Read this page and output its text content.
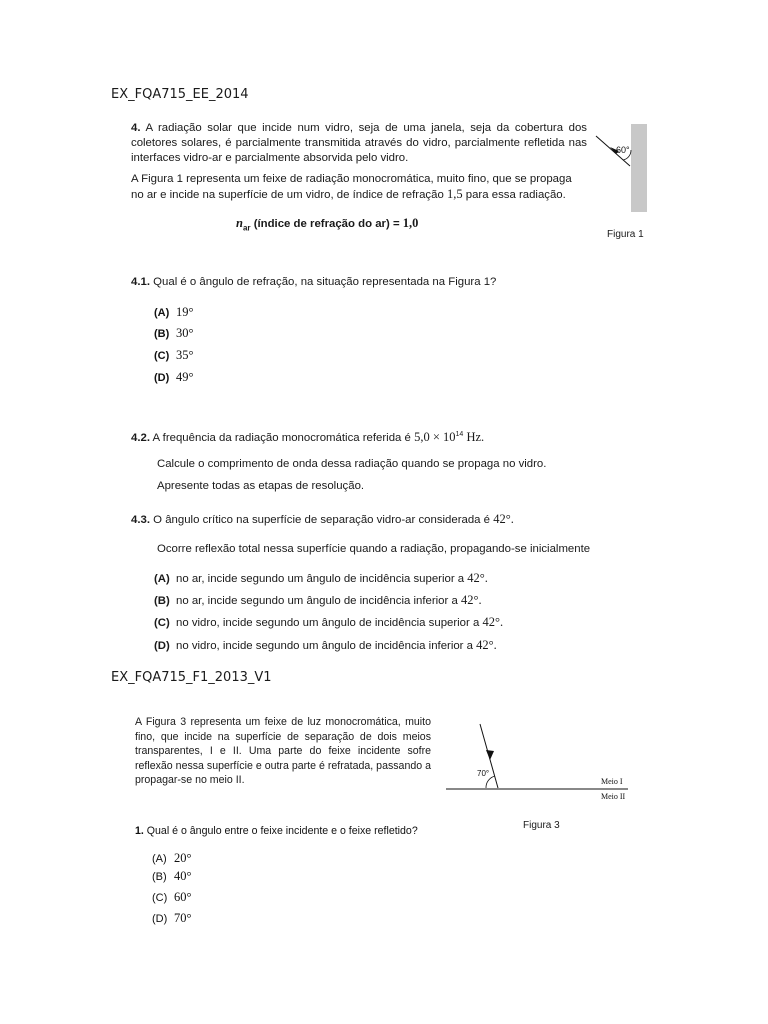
EX_FQA715_EE_2014
4. A radiação solar que incide num vidro, seja de uma janela, seja da cobertura dos coletores solares, é parcialmente transmitida através do vidro, parcialmente refletida nas interfaces vidro-ar e parcialmente absorvida pelo vidro.
A Figura 1 representa um feixe de radiação monocromática, muito fino, que se propaga
no ar e incide na superfície de um vidro, de índice de refração 1,5 para essa radiação.
$n_{ar}$ (índice de refração do ar) = 1,0
60°
Figura 1
4.1. Qual é o ângulo de refração, na situação representada na Figura 1?
(A) 19°
(B) 30°
(C) 35°
(D) 49°
4.2. A frequência da radiação monocromática referida é $5,0 \times 10^{14}$ Hz.
Calcule o comprimento de onda dessa radiação quando se propaga no vidro.
Apresente todas as etapas de resolução.
4.3. O ângulo crítico na superfície de separação vidro-ar considerada é 42°.
Ocorre reflexão total nessa superfície quando a radiação, propagando-se inicialmente
(A) no ar, incide segundo um ângulo de incidência superior a 42°.
(B) no ar, incide segundo um ângulo de incidência inferior a 42°.
(C) no vidro, incide segundo um ângulo de incidência superior a 42°.
(D) no vidro, incide segundo um ângulo de incidência inferior a 42°.
EX_FQA715_F1_2013_V1
A Figura 3 representa um feixe de luz monocromática, muito fino, que incide na superfície de separação de dois meios transparentes, I e II. Uma parte do feixe incidente sofre reflexão nessa superfície e outra parte é refratada, passando a propagar-se no meio II.
70°
Meio I
Meio II
Figura 3
1. Qual é o ângulo entre o feixe incidente e o feixe refletido?
(A) 20°
(B) 40°
(C) 60°
(D) 70°
